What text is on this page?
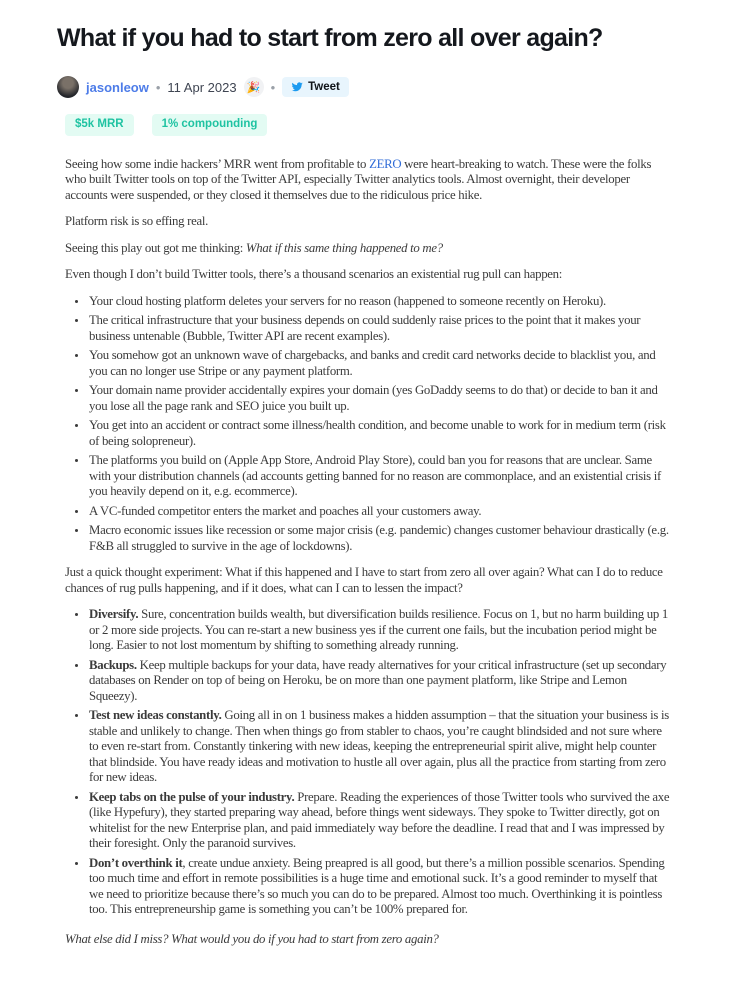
What if you had to start from zero all over again?
jasonleow • 11 Apr 2023 🎉 •	Tweet
$5k MRR	1% compounding

Seeing how some indie hackers’ MRR went from profitable to ZERO were heart-breaking to watch. These were the folks who built Twitter tools on top of the Twitter API, especially Twitter analytics tools. Almost overnight, their developer accounts were suspended, or they closed it themselves due to the ridiculous price hike.

Platform risk is so effing real.

Seeing this play out got me thinking: What if this same thing happened to me?

Even though I don’t build Twitter tools, there’s a thousand scenarios an existential rug pull can happen:

• Your cloud hosting platform deletes your servers for no reason (happened to someone recently on Heroku).
• The critical infrastructure that your business depends on could suddenly raise prices to the point that it makes your business untenable (Bubble, Twitter API are recent examples).
• You somehow got an unknown wave of chargebacks, and banks and credit card networks decide to blacklist you, and you can no longer use Stripe or any payment platform.
• Your domain name provider accidentally expires your domain (yes GoDaddy seems to do that) or decide to ban it and you lose all the page rank and SEO juice you built up.
• You get into an accident or contract some illness/health condition, and become unable to work for in medium term (risk of being solopreneur).
• The platforms you build on (Apple App Store, Android Play Store), could ban you for reasons that are unclear. Same with your distribution channels (ad accounts getting banned for no reason are commonplace, and an existential crisis if you heavily depend on it, e.g. ecommerce).
• A VC-funded competitor enters the market and poaches all your customers away.
• Macro economic issues like recession or some major crisis (e.g. pandemic) changes customer behaviour drastically (e.g. F&B all struggled to survive in the age of lockdowns).

Just a quick thought experiment: What if this happened and I have to start from zero all over again? What can I do to reduce chances of rug pulls happening, and if it does, what can I can to lessen the impact?

• Diversify. Sure, concentration builds wealth, but diversification builds resilience. Focus on 1, but no harm building up 1 or 2 more side projects. You can re-start a new business yes if the current one fails, but the incubation period might be long. Easier to not lost momentum by shifting to something already running.
• Backups. Keep multiple backups for your data, have ready alternatives for your critical infrastructure (set up secondary databases on Render on top of being on Heroku, be on more than one payment platform, like Stripe and Lemon Squeezy).
• Test new ideas constantly. Going all in on 1 business makes a hidden assumption – that the situation your business is is stable and unlikely to change. Then when things go from stabler to chaos, you’re caught blindsided and not sure where to even re-start from. Constantly tinkering with new ideas, keeping the entrepreneurial spirit alive, might help counter that blindside. You have ready ideas and motivation to hustle all over again, plus all the practice from starting from zero for new ideas.
• Keep tabs on the pulse of your industry. Prepare. Reading the experiences of those Twitter tools who survived the axe (like Hypefury), they started preparing way ahead, before things went sideways. They spoke to Twitter directly, got on whitelist for the new Enterprise plan, and paid immediately way before the deadline. I read that and I was impressed by their foresight. Only the paranoid survives.
• Don’t overthink it, create undue anxiety. Being preapred is all good, but there’s a million possible scenarios. Spending too much time and effort in remote possibilities is a huge time and emotional suck. It’s a good reminder to myself that we need to prioritize because there’s so much you can do to be prepared. Almost too much. Overthinking it is pointless too. This entrepreneurship game is something you can’t be 100% prepared for.

What else did I miss? What would you do if you had to start from zero again?
